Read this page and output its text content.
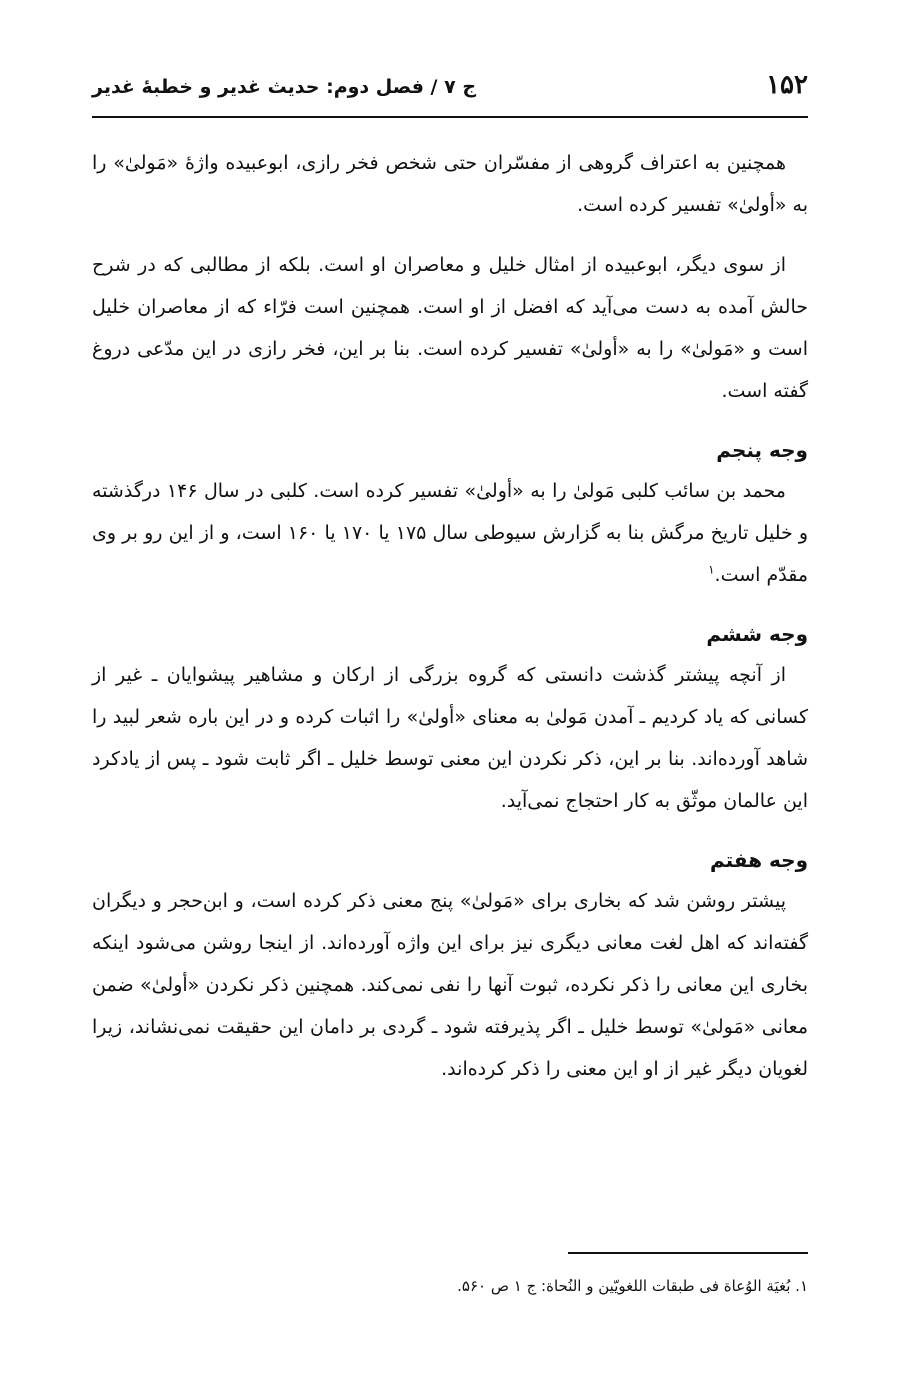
۱۵۲
ج ۷ / فصل دوم: حدیث غدیر و خطبهٔ غدیر

همچنین به اعتراف گروهی از مفسّران حتی شخص فخر رازی، ابوعبیده واژهٔ «مَولیٰ» را به «أولیٰ» تفسیر کرده است.

از سوی دیگر، ابوعبیده از امثال خلیل و معاصران او است. بلکه از مطالبی که در شرح حالش آمده به دست می‌آید که افضل از او است. همچنین است فرّاء که از معاصران خلیل است و «مَولیٰ» را به «أولیٰ» تفسیر کرده است. بنا بر این، فخر رازی در این مدّعی دروغ گفته است.

وجه پنجم

محمد بن سائب کلبی مَولیٰ را به «أولیٰ» تفسیر کرده است. کلبی در سال ۱۴۶ درگذشته و خلیل تاریخ مرگش بنا به گزارش سیوطی سال ۱۷۵ یا ۱۷۰ یا ۱۶۰ است، و از این رو بر وی مقدّم است.$^۱$

وجه ششم

از آنچه پیشتر گذشت دانستی که گروه بزرگی از ارکان و مشاهیر پیشوایان ـ غیر از کسانی که یاد کردیم ـ آمدن مَولیٰ به معنای «أولیٰ» را اثبات کرده و در این باره شعر لبید را شاهد آورده‌اند. بنا بر این، ذکر نکردن این معنی توسط خلیل ـ اگر ثابت شود ـ پس از یادکرد این عالمان موثّق به کار احتجاج نمی‌آید.

وجه هفتم

پیشتر روشن شد که بخاری برای «مَولیٰ» پنج معنی ذکر کرده است، و ابن‌حجر و دیگران گفته‌اند که اهل لغت معانی دیگری نیز برای این واژه آورده‌اند. از اینجا روشن می‌شود اینکه بخاری این معانی را ذکر نکرده، ثبوت آنها را نفی نمی‌کند. همچنین ذکر نکردن «أولیٰ» ضمن معانی «مَولیٰ» توسط خلیل ـ اگر پذیرفته شود ـ گردی بر دامان این حقیقت نمی‌نشاند، زیرا لغویان دیگر غیر از او این معنی را ذکر کرده‌اند.

۱. بُغیَة الوُعاة فی طبقات اللغویّین و النُحاة: ج ۱ ص ۵۶۰.
